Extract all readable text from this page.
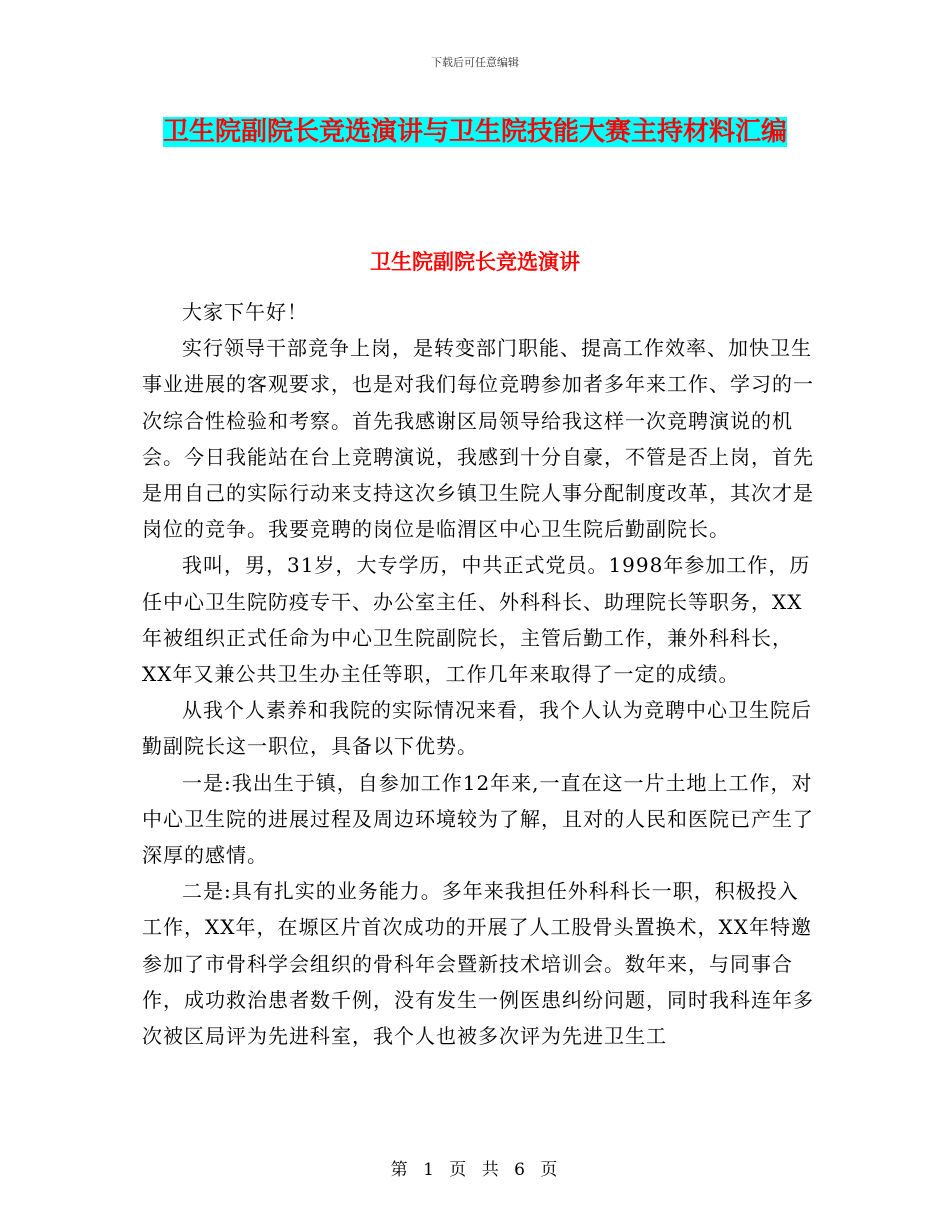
下载后可任意编辑
卫生院副院长竞选演讲与卫生院技能大赛主持材料汇编
卫生院副院长竞选演讲

大家下午好！

实行领导干部竞争上岗，是转变部门职能、提高工作效率、加快卫生事业进展的客观要求，也是对我们每位竞聘参加者多年来工作、学习的一次综合性检验和考察。首先我感谢区局领导给我这样一次竞聘演说的机会。今日我能站在台上竞聘演说，我感到十分自豪，不管是否上岗，首先是用自己的实际行动来支持这次乡镇卫生院人事分配制度改革，其次才是岗位的竞争。我要竞聘的岗位是临渭区中心卫生院后勤副院长。

我叫，男，31岁，大专学历，中共正式党员。1998年参加工作，历任中心卫生院防疫专干、办公室主任、外科科长、助理院长等职务，XX年被组织正式任命为中心卫生院副院长，主管后勤工作，兼外科科长，XX年又兼公共卫生办主任等职，工作几年来取得了一定的成绩。

从我个人素养和我院的实际情况来看，我个人认为竞聘中心卫生院后勤副院长这一职位，具备以下优势。

一是:我出生于镇，自参加工作12年来,一直在这一片土地上工作，对中心卫生院的进展过程及周边环境较为了解，且对的人民和医院已产生了深厚的感情。

二是:具有扎实的业务能力。多年来我担任外科科长一职，积极投入工作，XX年，在塬区片首次成功的开展了人工股骨头置换术，XX年特邀参加了市骨科学会组织的骨科年会暨新技术培训会。数年来，与同事合作，成功救治患者数千例，没有发生一例医患纠纷问题，同时我科连年多次被区局评为先进科室，我个人也被多次评为先进卫生工

第 1 页 共 6 页
